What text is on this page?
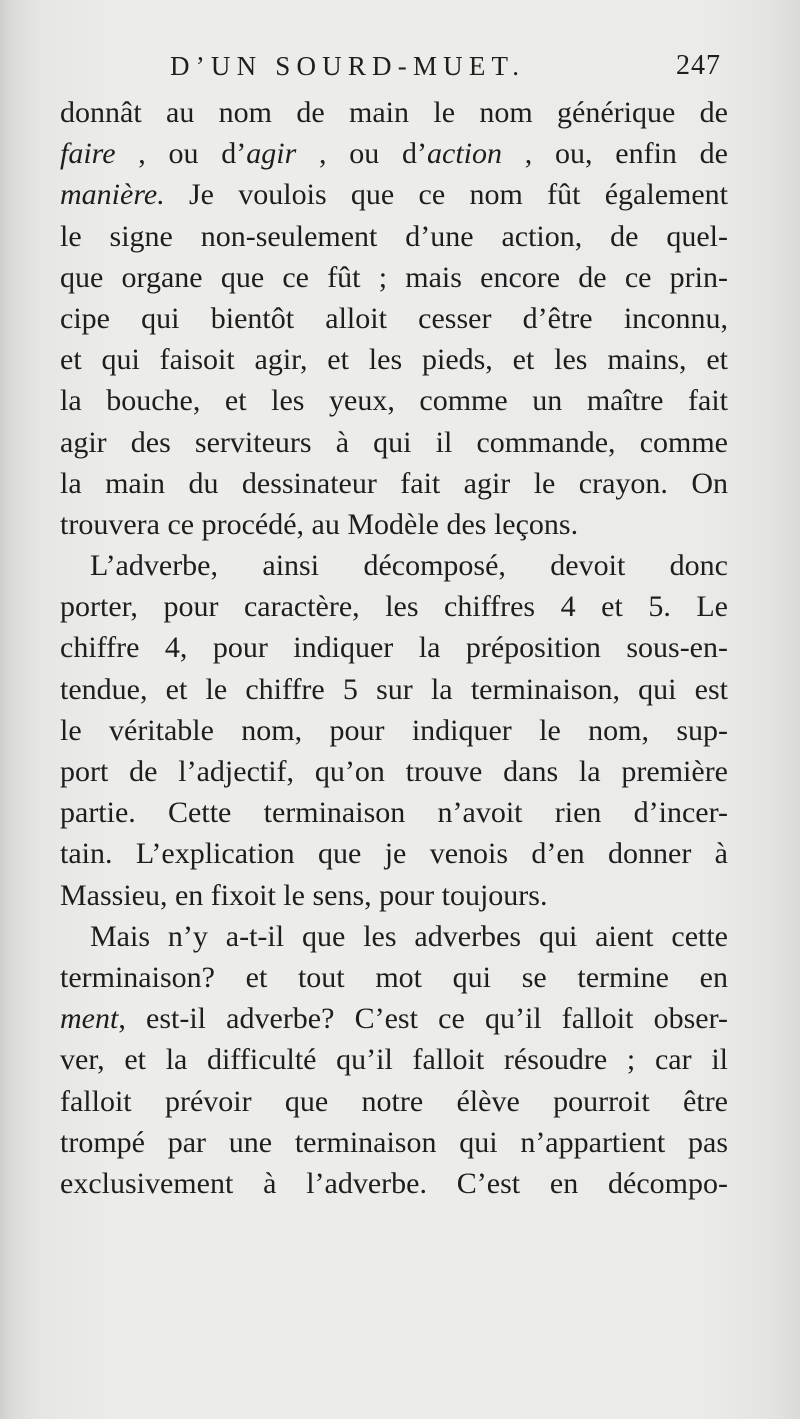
D’UN SOURD-MUET.	247
donnât au nom de main le nom générique de
faire , ou d’agir , ou d’action , ou, enfin de
manière. Je voulois que ce nom fût également
le signe non-seulement d’une action, de quel-
que organe que ce fût ; mais encore de ce prin-
cipe qui bientôt alloit cesser d’être inconnu,
et qui faisoit agir, et les pieds, et les mains, et
la bouche, et les yeux, comme un maître fait
agir des serviteurs à qui il commande, comme
la main du dessinateur fait agir le crayon. On
trouvera ce procédé, au Modèle des leçons.
L’adverbe, ainsi décomposé, devoit donc
porter, pour caractère, les chiffres 4 et 5. Le
chiffre 4, pour indiquer la préposition sous-en-
tendue, et le chiffre 5 sur la terminaison, qui est
le véritable nom, pour indiquer le nom, sup-
port de l’adjectif, qu’on trouve dans la première
partie. Cette terminaison n’avoit rien d’incer-
tain. L’explication que je venois d’en donner à
Massieu, en fixoit le sens, pour toujours.
Mais n’y a-t-il que les adverbes qui aient cette
terminaison? et tout mot qui se termine en
ment, est-il adverbe? C’est ce qu’il falloit obser-
ver, et la difficulté qu’il falloit résoudre ; car il
falloit prévoir que notre élève pourroit être
trompé par une terminaison qui n’appartient pas
exclusivement à l’adverbe. C’est en décompo-
